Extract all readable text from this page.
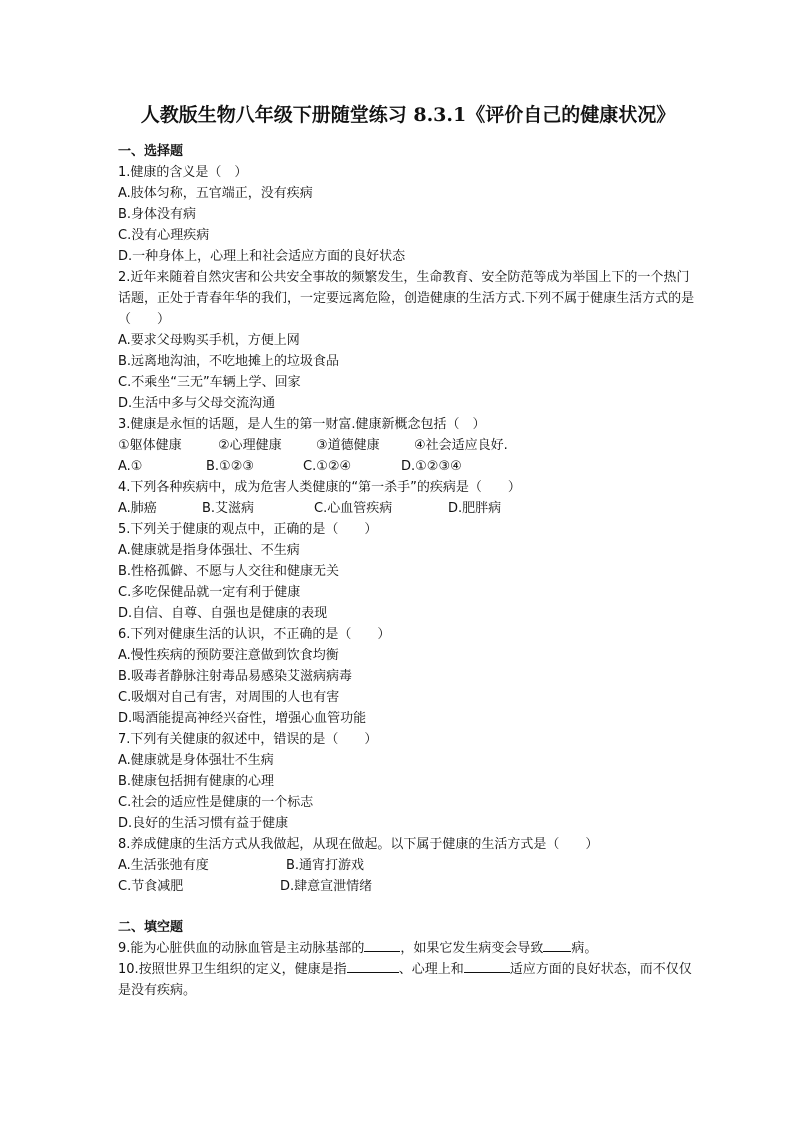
人教版生物八年级下册随堂练习 8.3.1《评价自己的健康状况》
一、选择题
1.健康的含义是（　）
A.肢体匀称，五官端正，没有疾病
B.身体没有病
C.没有心理疾病
D.一种身体上，心理上和社会适应方面的良好状态
2.近年来随着自然灾害和公共安全事故的频繁发生，生命教育、安全防范等成为举国上下的一个热门话题，正处于青春年华的我们，一定要远离危险，创造健康的生活方式.下列不属于健康生活方式的是（　　）
A.要求父母购买手机，方便上网
B.远离地沟油，不吃地摊上的垃圾食品
C.不乘坐“三无”车辆上学、回家
D.生活中多与父母交流沟通
3.健康是永恒的话题，是人生的第一财富.健康新概念包括（　）
①躯体健康	②心理健康	③道德健康	④社会适应良好.
A.①	B.①②③	C.①②④	D.①②③④
4.下列各种疾病中，成为危害人类健康的“第一杀手”的疾病是（　　）
A.肺癌	B.艾滋病	C.心血管疾病	D.肥胖病
5.下列关于健康的观点中，正确的是（　　）
A.健康就是指身体强壮、不生病
B.性格孤僻、不愿与人交往和健康无关
C.多吃保健品就一定有利于健康
D.自信、自尊、自强也是健康的表现
6.下列对健康生活的认识，不正确的是（　　）
A.慢性疾病的预防要注意做到饮食均衡
B.吸毒者静脉注射毒品易感染艾滋病病毒
C.吸烟对自己有害，对周围的人也有害
D.喝酒能提高神经兴奋性，增强心血管功能
7.下列有关健康的叙述中，错误的是（　　）
A.健康就是身体强壮不生病
B.健康包括拥有健康的心理
C.社会的适应性是健康的一个标志
D.良好的生活习惯有益于健康
8.养成健康的生活方式从我做起，从现在做起。以下属于健康的生活方式是（　　）
A.生活张弛有度	B.通宵打游戏
C.节食减肥	D.肆意宣泄情绪
二、填空题
9.能为心脏供血的动脉血管是主动脉基部的	，如果它发生病变会导致 病。
10.按照世界卫生组织的定义，健康是指	、心理上和	适应方面的良好状态，而不仅仅是没有疾病。
